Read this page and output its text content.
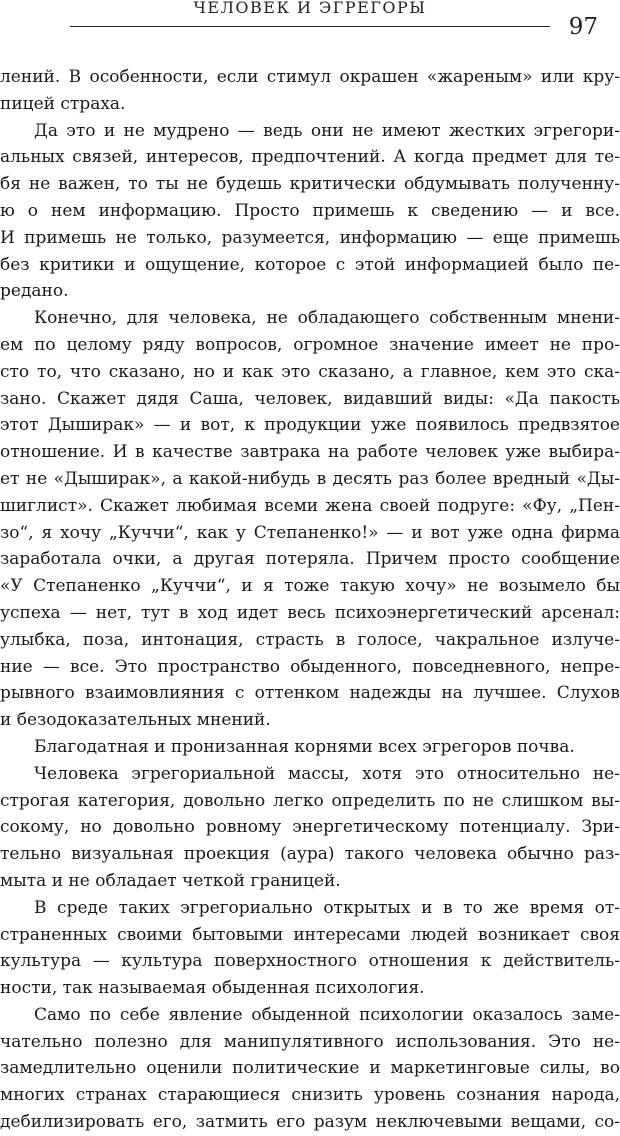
ЧЕЛОВЕК И ЭГРЕГОРЫ
97
лений. В особенности, если стимул окрашен «жареным» или кру-
пицей страха.
Да это и не мудрено — ведь они не имеют жестких эгрегори-
альных связей, интересов, предпочтений. А когда предмет для те-
бя не важен, то ты не будешь критически обдумывать полученну-
ю о нем информацию. Просто примешь к сведению — и все.
И примешь не только, разумеется, информацию — еще примешь
без критики и ощущение, которое с этой информацией было пе-
редано.
Конечно, для человека, не обладающего собственным мнени-
ем по целому ряду вопросов, огромное значение имеет не про-
сто то, что сказано, но и как это сказано, а главное, кем это ска-
зано. Скажет дядя Саша, человек, видавший виды: «Да пакость
этот Дыширак» — и вот, к продукции уже появилось предвзятое
отношение. И в качестве завтрака на работе человек уже выбира-
ет не «Дыширак», а какой-нибудь в десять раз более вредный «Ды-
шиглист». Скажет любимая всеми жена своей подруге: «Фу, „Пен-
зо“, я хочу „Куччи“, как у Степаненко!» — и вот уже одна фирма
заработала очки, а другая потеряла. Причем просто сообщение
«У Степаненко „Куччи“, и я тоже такую хочу» не возымело бы
успеха — нет, тут в ход идет весь психоэнергетический арсенал:
улыбка, поза, интонация, страсть в голосе, чакральное излуче-
ние — все. Это пространство обыденного, повседневного, непре-
рывного взаимовлияния с оттенком надежды на лучшее. Слухов
и безодоказательных мнений.
Благодатная и пронизанная корнями всех эгрегоров почва.
Человека эгрегориальной массы, хотя это относительно не-
строгая категория, довольно легко определить по не слишком вы-
сокому, но довольно ровному энергетическому потенциалу. Зри-
тельно визуальная проекция (аура) такого человека обычно раз-
мыта и не обладает четкой границей.
В среде таких эгрегориально открытых и в то же время от-
страненных своими бытовыми интересами людей возникает своя
культура — культура поверхностного отношения к действитель-
ности, так называемая обыденная психология.
Само по себе явление обыденной психологии оказалось заме-
чательно полезно для манипулятивного использования. Это не-
замедлительно оценили политические и маркетинговые силы, во
многих странах старающиеся снизить уровень сознания народа,
дебилизировать его, затмить его разум неключевыми вещами, со-
